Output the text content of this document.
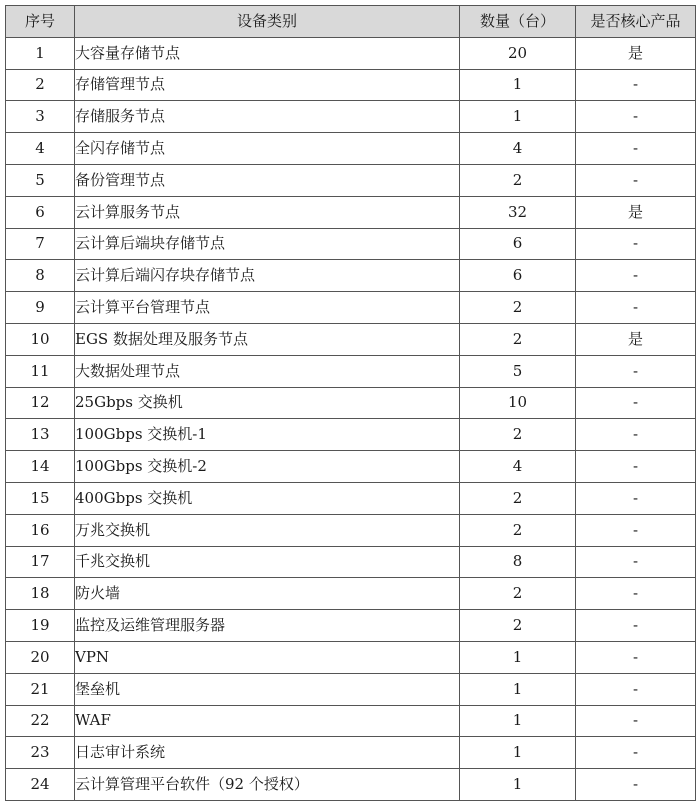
序号	设备类别	数量（台）	是否核心产品
1	大容量存储节点	20	是
2	存储管理节点	1	-
3	存储服务节点	1	-
4	全闪存储节点	4	-
5	备份管理节点	2	-
6	云计算服务节点	32	是
7	云计算后端块存储节点	6	-
8	云计算后端闪存块存储节点	6	-
9	云计算平台管理节点	2	-
10	EGS 数据处理及服务节点	2	是
11	大数据处理节点	5	-
12	25Gbps 交换机	10	-
13	100Gbps 交换机-1	2	-
14	100Gbps 交换机-2	4	-
15	400Gbps 交换机	2	-
16	万兆交换机	2	-
17	千兆交换机	8	-
18	防火墙	2	-
19	监控及运维管理服务器	2	-
20	VPN	1	-
21	堡垒机	1	-
22	WAF	1	-
23	日志审计系统	1	-
24	云计算管理平台软件（92 个授权）	1	-
